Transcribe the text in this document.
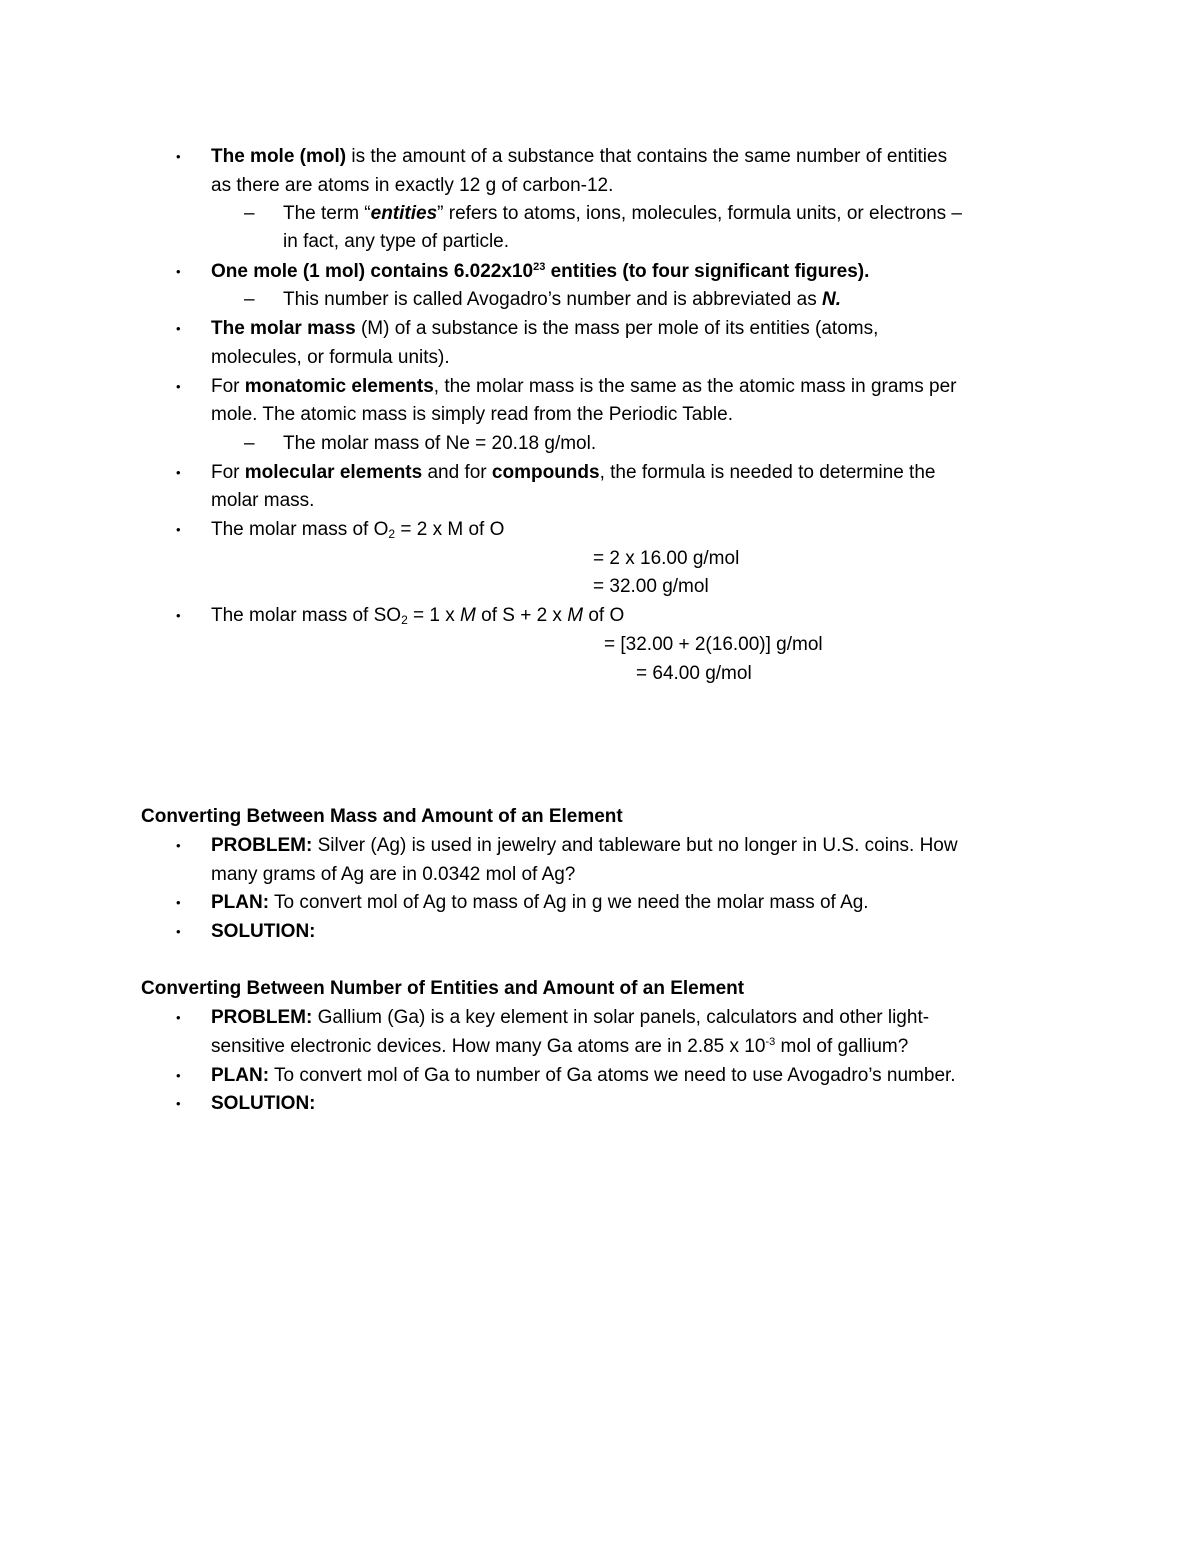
• The mole (mol) is the amount of a substance that contains the same number of entities
as there are atoms in exactly 12 g of carbon-12.
– The term “entities” refers to atoms, ions, molecules, formula units, or electrons –
in fact, any type of particle.
• One mole (1 mol) contains $6.022x10^{23}$ entities (to four significant figures).
– This number is called Avogadro’s number and is abbreviated as N.
• The molar mass (M) of a substance is the mass per mole of its entities (atoms,
molecules, or formula units).
• For monatomic elements, the molar mass is the same as the atomic mass in grams per
mole. The atomic mass is simply read from the Periodic Table.
– The molar mass of Ne = 20.18 g/mol.
• For molecular elements and for compounds, the formula is needed to determine the
molar mass.
• The molar mass of $O_2 = 2$ x M of O
= 2 x 16.00 g/mol
= 32.00 g/mol
• The molar mass of $SO_2 = 1$ x M of S + 2 x M of O
= [32.00 + 2(16.00)] g/mol
= 64.00 g/mol
Converting Between Mass and Amount of an Element
• PROBLEM: Silver (Ag) is used in jewelry and tableware but no longer in U.S. coins. How
many grams of Ag are in 0.0342 mol of Ag?
• PLAN: To convert mol of Ag to mass of Ag in g we need the molar mass of Ag.
• SOLUTION:
Converting Between Number of Entities and Amount of an Element
• PROBLEM: Gallium (Ga) is a key element in solar panels, calculators and other light-
sensitive electronic devices. How many Ga atoms are in 2.85 x $10^{-3}$ mol of gallium?
• PLAN: To convert mol of Ga to number of Ga atoms we need to use Avogadro’s number.
• SOLUTION:
